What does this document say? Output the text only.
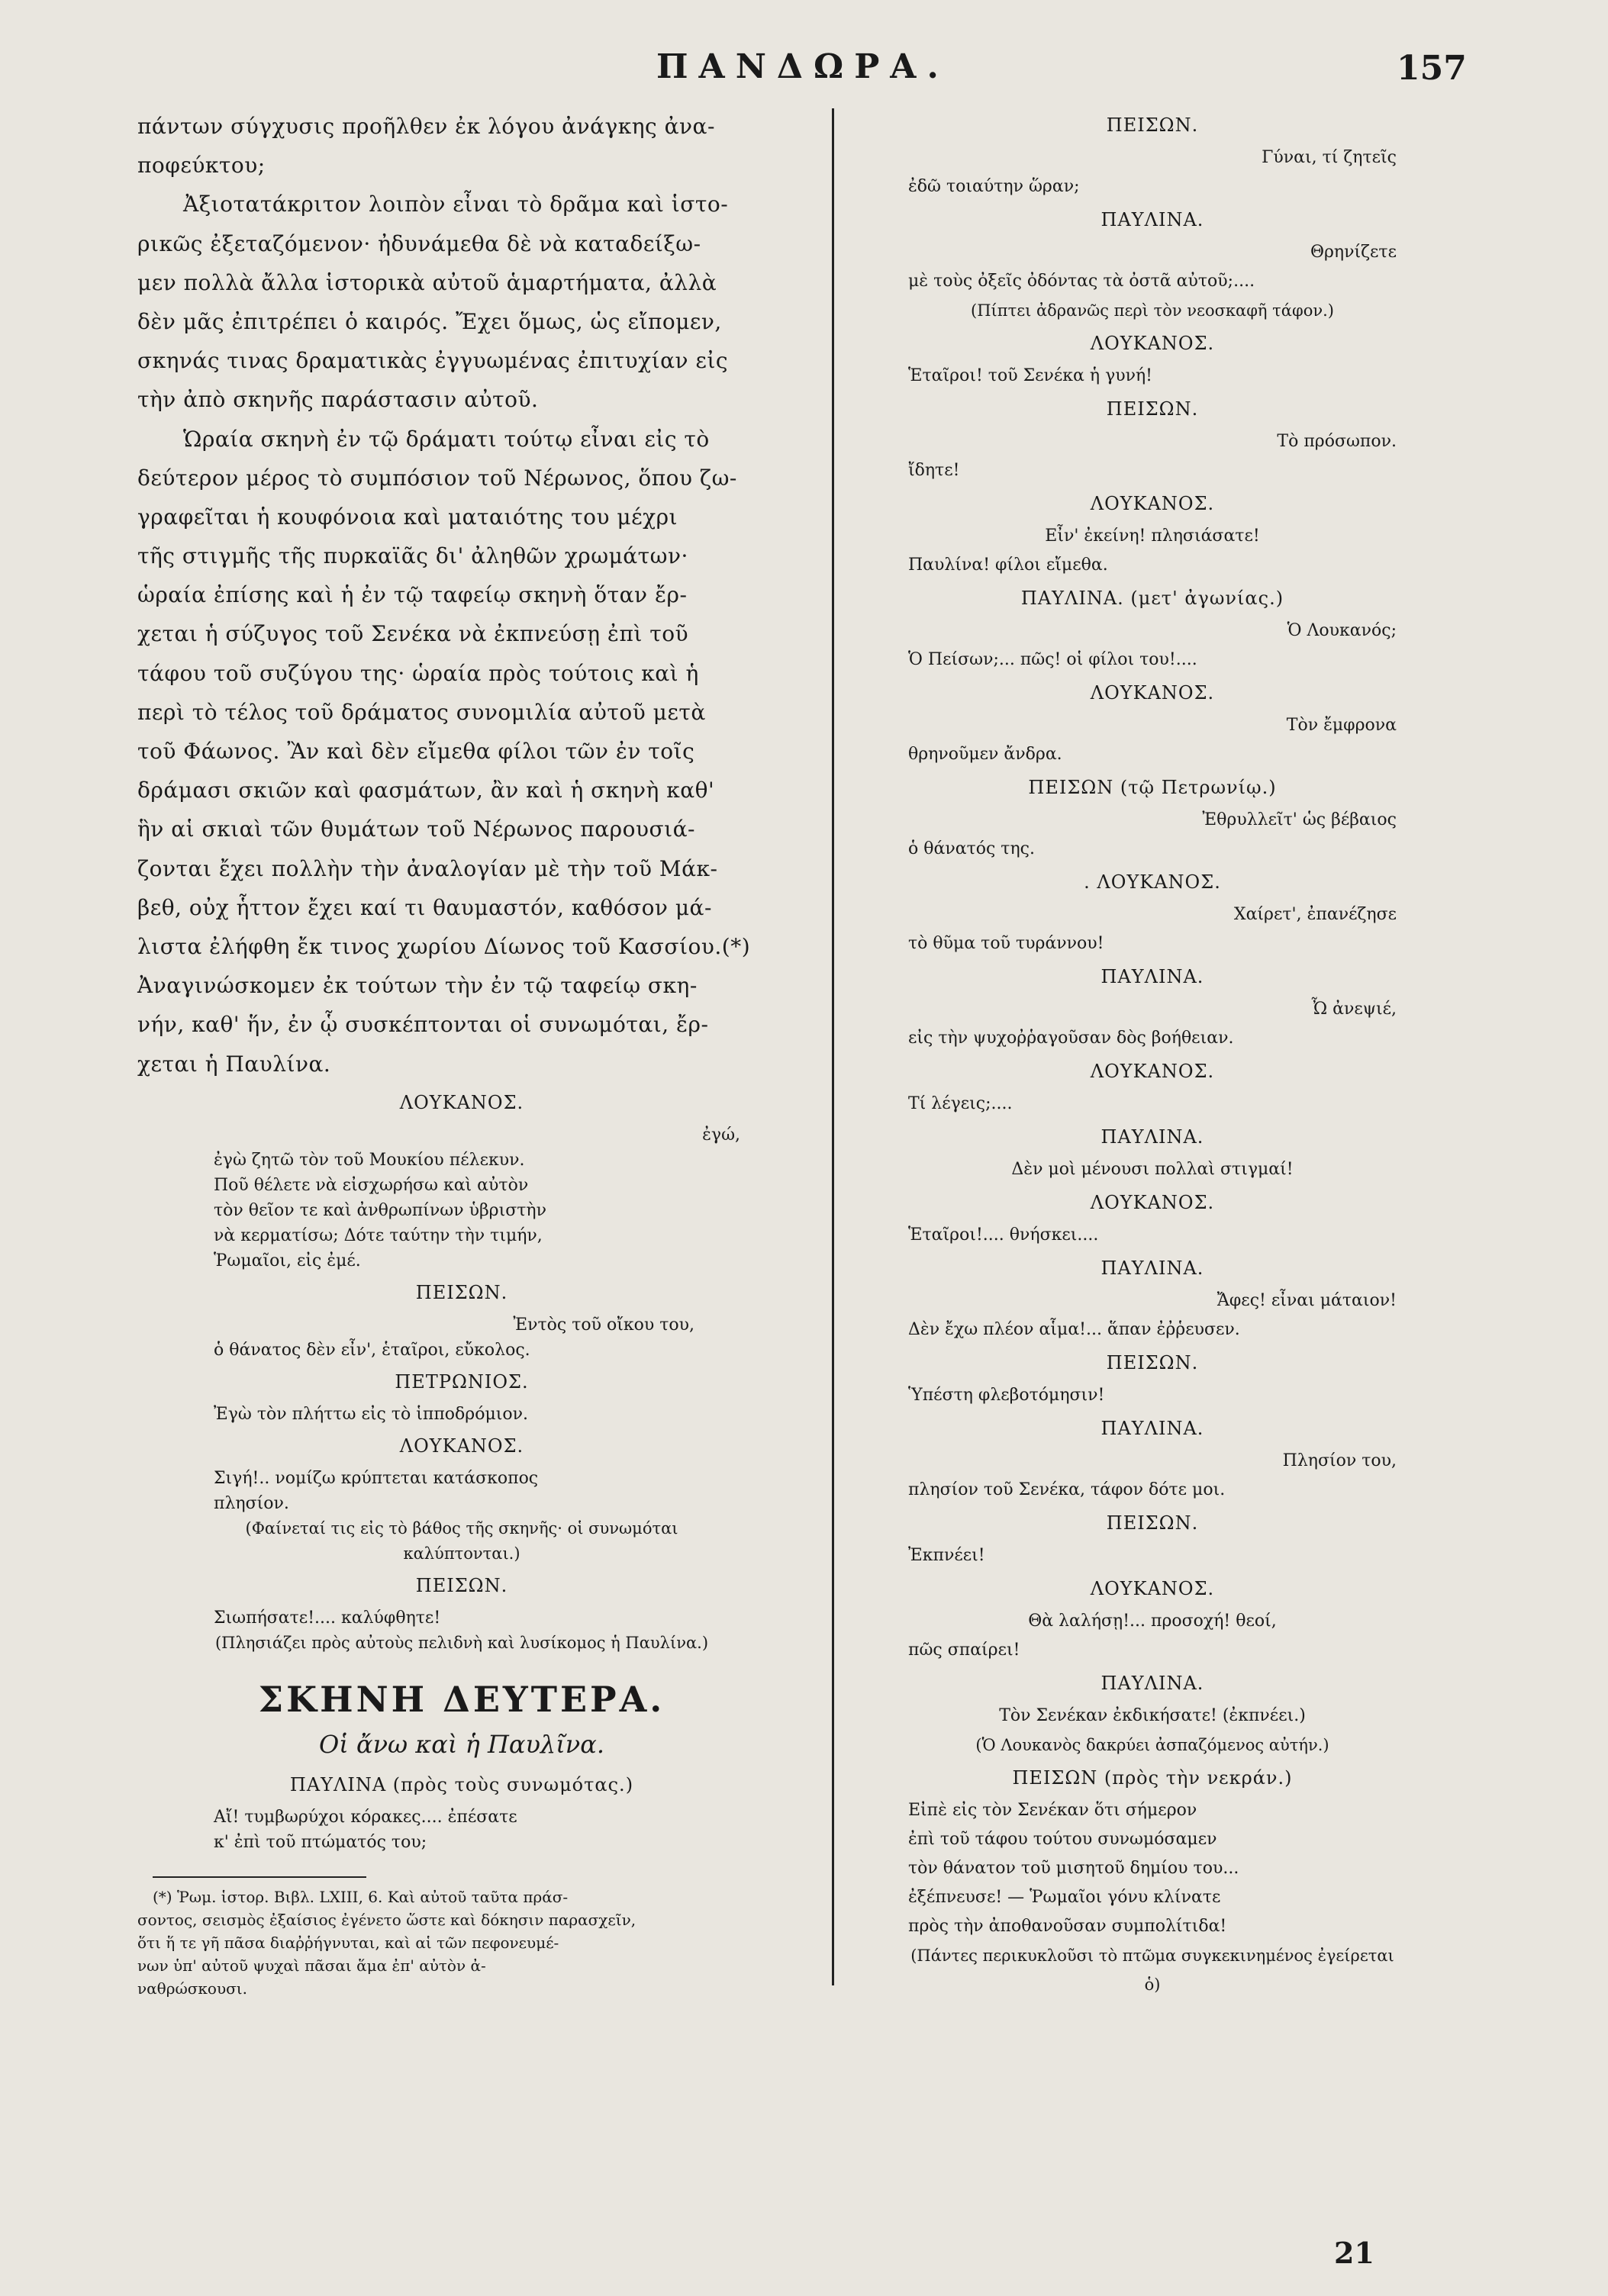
ΠΑΝΔΩΡΑ.	157
πάντων σύγχυσις προῆλθεν ἐκ λόγου ἀνάγκης ἀνα-
ποφεύκτου;
Ἀξιοτατάκριτον λοιπὸν εἶναι τὸ δρᾶμα καὶ ἱστο-
ρικῶς ἐξεταζόμενον· ἠδυνάμεθα δὲ νὰ καταδείξω-
μεν πολλὰ ἄλλα ἱστορικὰ αὐτοῦ ἁμαρτήματα, ἀλλὰ
δὲν μᾶς ἐπιτρέπει ὁ καιρός. Ἔχει ὅμως, ὡς εἴπομεν,
σκηνάς τινας δραματικὰς ἐγγυωμένας ἐπιτυχίαν εἰς
τὴν ἀπὸ σκηνῆς παράστασιν αὐτοῦ.
Ὡραία σκηνὴ ἐν τῷ δράματι τούτῳ εἶναι εἰς τὸ
δεύτερον μέρος τὸ συμπόσιον τοῦ Νέρωνος, ὅπου ζω-
γραφεῖται ἡ κουφόνοια καὶ ματαιότης του μέχρι
τῆς στιγμῆς τῆς πυρκαϊᾶς δι' ἀληθῶν χρωμάτων·
ὡραία ἐπίσης καὶ ἡ ἐν τῷ ταφείῳ σκηνὴ ὅταν ἔρ-
χεται ἡ σύζυγος τοῦ Σενέκα νὰ ἐκπνεύσῃ ἐπὶ τοῦ
τάφου τοῦ συζύγου της· ὡραία πρὸς τούτοις καὶ ἡ
περὶ τὸ τέλος τοῦ δράματος συνομιλία αὐτοῦ μετὰ
τοῦ Φάωνος. Ἂν καὶ δὲν εἴμεθα φίλοι τῶν ἐν τοῖς
δράμασι σκιῶν καὶ φασμάτων, ἂν καὶ ἡ σκηνὴ καθ'
ἣν αἱ σκιαὶ τῶν θυμάτων τοῦ Νέρωνος παρουσιά-
ζονται ἔχει πολλὴν τὴν ἀναλογίαν μὲ τὴν τοῦ Μάκ-
βεθ, οὐχ ἧττον ἔχει καί τι θαυμαστόν, καθόσον μά-
λιστα ἐλήφθη ἔκ τινος χωρίου Δίωνος τοῦ Κασσίου.(*)
Ἀναγινώσκομεν ἐκ τούτων τὴν ἐν τῷ ταφείῳ σκη-
νήν, καθ' ἥν, ἐν ᾧ συσκέπτονται οἱ συνωμόται, ἔρ-
χεται ἡ Παυλίνα.
ΛΟΥΚΑΝΟΣ.
ἐγώ,
ἐγὼ ζητῶ τὸν τοῦ Μουκίου πέλεκυν.
Ποῦ θέλετε νὰ εἰσχωρήσω καὶ αὐτὸν
τὸν θεῖον τε καὶ ἀνθρωπίνων ὑβριστὴν
νὰ κερματίσω; Δότε ταύτην τὴν τιμήν,
Ῥωμαῖοι, εἰς ἐμέ.
ΠΕΙΣΩΝ.
Ἐντὸς τοῦ οἴκου του,
ὁ θάνατος δὲν εἶν', ἑταῖροι, εὔκολος.
ΠΕΤΡΩΝΙΟΣ.
Ἐγὼ τὸν πλήττω εἰς τὸ ἱπποδρόμιον.
ΛΟΥΚΑΝΟΣ.
Σιγή!.. νομίζω κρύπτεται κατάσκοπος
πλησίον.
(Φαίνεταί τις εἰς τὸ βάθος τῆς σκηνῆς· οἱ συνωμόται
καλύπτονται.)
ΠΕΙΣΩΝ.
Σιωπήσατε!.... καλύφθητε!
(Πλησιάζει πρὸς αὐτοὺς πελιδνὴ καὶ λυσίκομος ἡ Παυλίνα.)
ΣΚΗΝΗ ΔΕΥΤΕΡΑ.
Οἱ ἄνω καὶ ἡ Παυλῖνα.
ΠΑΥΛΙΝΑ (πρὸς τοὺς συνωμότας.)
Αἴ! τυμβωρύχοι κόρακες.... ἐπέσατε
κ' ἐπὶ τοῦ πτώματός του;
(*) Ῥωμ. ἱστορ. Βιβλ. LXIII, 6. Καὶ αὐτοῦ ταῦτα πράσ-
σοντος, σεισμὸς ἐξαίσιος ἐγένετο ὥστε καὶ δόκησιν παρασχεῖν,
ὅτι ἥ τε γῆ πᾶσα διαῤῥήγνυται, καὶ αἱ τῶν πεφονευμέ-
νων ὑπ' αὐτοῦ ψυχαὶ πᾶσαι ἅμα ἐπ' αὐτὸν ἀ-
ναθρώσκουσι.
ΠΕΙΣΩΝ.
Γύναι, τί ζητεῖς
ἐδῶ τοιαύτην ὥραν;
ΠΑΥΛΙΝΑ.
Θρηνίζετε
μὲ τοὺς ὀξεῖς ὀδόντας τὰ ὀστᾶ αὐτοῦ;....
(Πίπτει ἀδρανῶς περὶ τὸν νεοσκαφῆ τάφον.)
ΛΟΥΚΑΝΟΣ.
Ἑταῖροι! τοῦ Σενέκα ἡ γυνή!
ΠΕΙΣΩΝ.
Τὸ πρόσωπον.
ἴδητε!
ΛΟΥΚΑΝΟΣ.
Εἶν' ἐκείνη! πλησιάσατε!
Παυλίνα! φίλοι εἴμεθα.
ΠΑΥΛΙΝΑ. (μετ' ἀγωνίας.)
Ὁ Λουκανός;
Ὁ Πείσων;... πῶς! οἱ φίλοι του!....
ΛΟΥΚΑΝΟΣ.
Τὸν ἔμφρονα
θρηνοῦμεν ἄνδρα.
ΠΕΙΣΩΝ (τῷ Πετρωνίῳ.)
Ἐθρυλλεῖτ' ὡς βέβαιος
ὁ θάνατός της.
. ΛΟΥΚΑΝΟΣ.
Χαίρετ', ἐπανέζησε
τὸ θῦμα τοῦ τυράννου!
ΠΑΥΛΙΝΑ.
Ὦ ἀνεψιέ,
εἰς τὴν ψυχοῤῥαγοῦσαν δὸς βοήθειαν.
ΛΟΥΚΑΝΟΣ.
Τί λέγεις;....
ΠΑΥΛΙΝΑ.
Δὲν μοὶ μένουσι πολλαὶ στιγμαί!
ΛΟΥΚΑΝΟΣ.
Ἑταῖροι!.... θνήσκει....
ΠΑΥΛΙΝΑ.
Ἄφες! εἶναι μάταιον!
Δὲν ἔχω πλέον αἷμα!... ἅπαν ἐῤῥευσεν.
ΠΕΙΣΩΝ.
Ὑπέστη φλεβοτόμησιν!
ΠΑΥΛΙΝΑ.
Πλησίον του,
πλησίον τοῦ Σενέκα, τάφον δότε μοι.
ΠΕΙΣΩΝ.
Ἐκπνέει!
ΛΟΥΚΑΝΟΣ.
Θὰ λαλήσῃ!... προσοχή! θεοί,
πῶς σπαίρει!
ΠΑΥΛΙΝΑ.
Τὸν Σενέκαν ἐκδικήσατε! (ἐκπνέει.)
(Ὁ Λουκανὸς δακρύει ἀσπαζόμενος αὐτήν.)
ΠΕΙΣΩΝ (πρὸς τὴν νεκράν.)
Εἰπὲ εἰς τὸν Σενέκαν ὅτι σήμερον
ἐπὶ τοῦ τάφου τούτου συνωμόσαμεν
τὸν θάνατον τοῦ μισητοῦ δημίου του...
ἐξέπνευσε! — Ῥωμαῖοι γόνυ κλίνατε
πρὸς τὴν ἀποθανοῦσαν συμπολίτιδα!
(Πάντες περικυκλοῦσι τὸ πτῶμα συγκεκινημένος ἐγείρεται ὁ)
21
